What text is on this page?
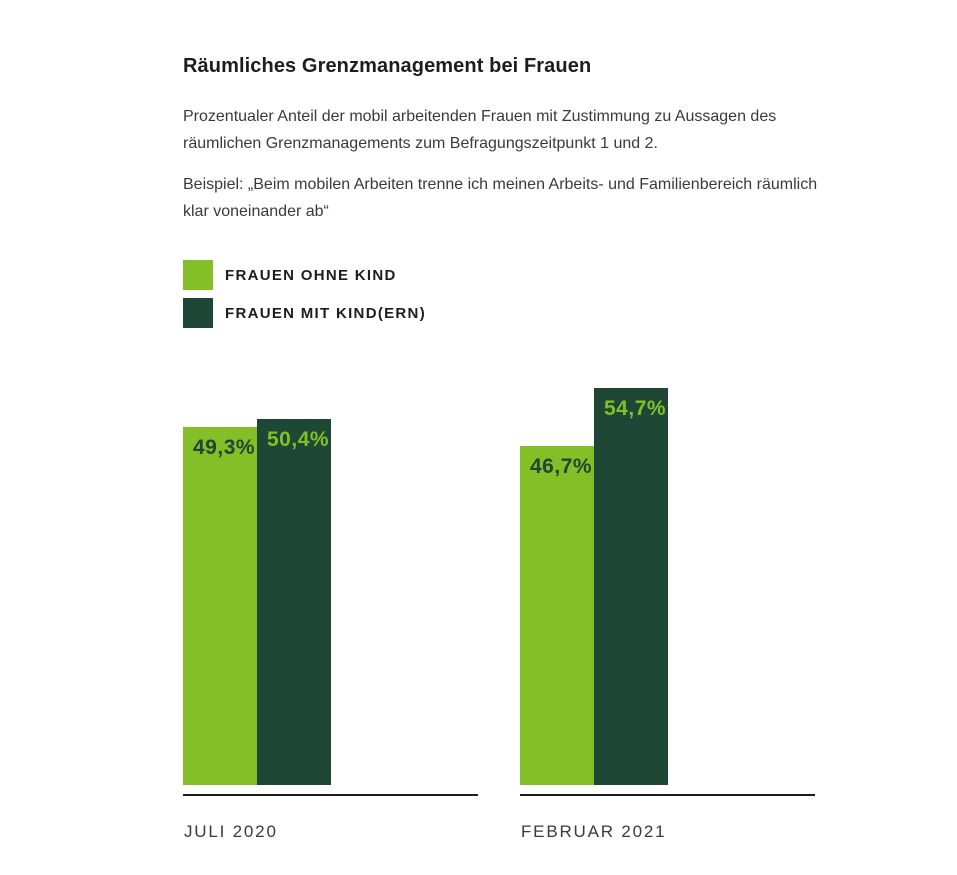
Räumliches Grenzmanagement bei Frauen

Prozentualer Anteil der mobil arbeitenden Frauen mit Zustimmung zu Aussagen des räumlichen Grenzmanagements zum Befragungszeitpunkt 1 und 2.

Beispiel: „Beim mobilen Arbeiten trenne ich meinen Arbeits- und Familienbereich räumlich klar voneinander ab“

FRAUEN OHNE KIND
FRAUEN MIT KIND(ERN)
49,3% 50,4%
JULI 2020
46,7%
54,7%
FEBRUAR 2021
